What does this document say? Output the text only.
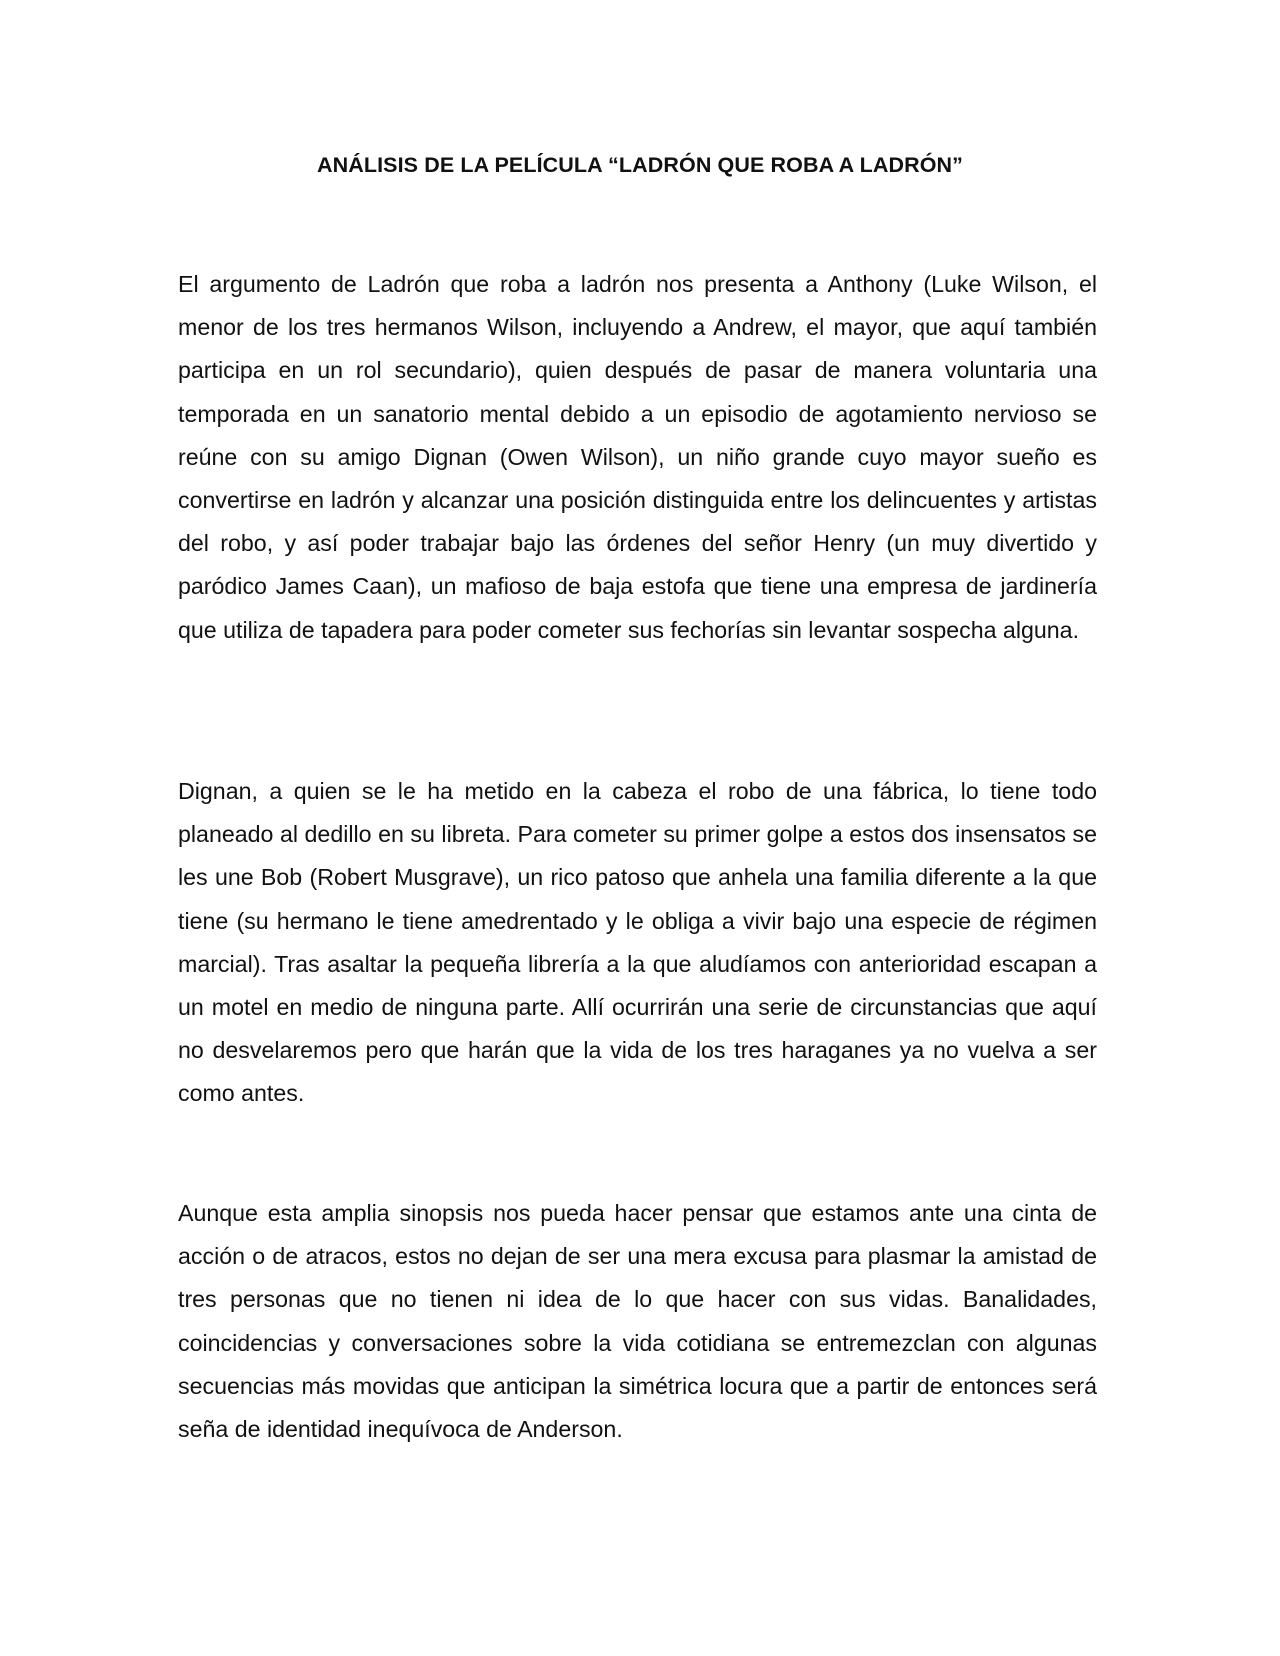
ANÁLISIS DE LA PELÍCULA “LADRÓN QUE ROBA A LADRÓN”

El argumento de Ladrón que roba a ladrón nos presenta a Anthony (Luke Wilson, el menor de los tres hermanos Wilson, incluyendo a Andrew, el mayor, que aquí también participa en un rol secundario), quien después de pasar de manera voluntaria una temporada en un sanatorio mental debido a un episodio de agotamiento nervioso se reúne con su amigo Dignan (Owen Wilson), un niño grande cuyo mayor sueño es convertirse en ladrón y alcanzar una posición distinguida entre los delincuentes y artistas del robo, y así poder trabajar bajo las órdenes del señor Henry (un muy divertido y paródico James Caan), un mafioso de baja estofa que tiene una empresa de jardinería que utiliza de tapadera para poder cometer sus fechorías sin levantar sospecha alguna.

Dignan, a quien se le ha metido en la cabeza el robo de una fábrica, lo tiene todo planeado al dedillo en su libreta. Para cometer su primer golpe a estos dos insensatos se les une Bob (Robert Musgrave), un rico patoso que anhela una familia diferente a la que tiene (su hermano le tiene amedrentado y le obliga a vivir bajo una especie de régimen marcial). Tras asaltar la pequeña librería a la que aludíamos con anterioridad escapan a un motel en medio de ninguna parte. Allí ocurrirán una serie de circunstancias que aquí no desvelaremos pero que harán que la vida de los tres haraganes ya no vuelva a ser como antes.

Aunque esta amplia sinopsis nos pueda hacer pensar que estamos ante una cinta de acción o de atracos, estos no dejan de ser una mera excusa para plasmar la amistad de tres personas que no tienen ni idea de lo que hacer con sus vidas. Banalidades, coincidencias y conversaciones sobre la vida cotidiana se entremezclan con algunas secuencias más movidas que anticipan la simétrica locura que a partir de entonces será seña de identidad inequívoca de Anderson.
